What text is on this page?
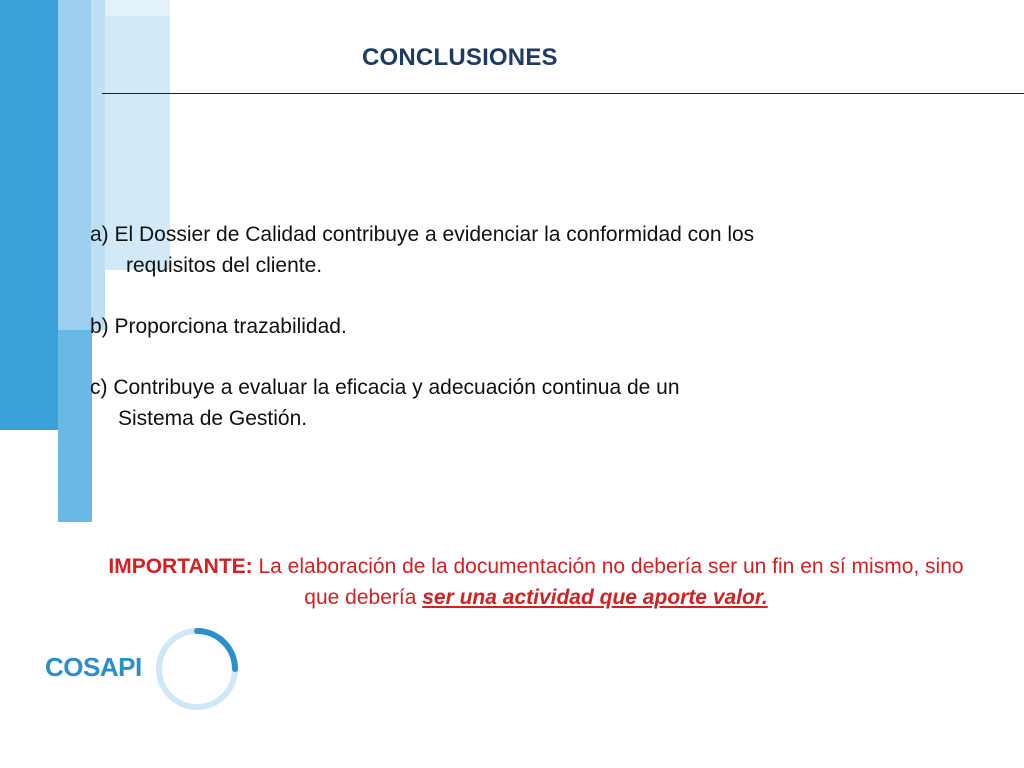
CONCLUSIONES

a) El Dossier de Calidad contribuye a evidenciar la conformidad con los
requisitos del cliente.

b) Proporciona trazabilidad.

c) Contribuye a evaluar la eficacia y adecuación continua de un
Sistema de Gestión.

IMPORTANTE: La elaboración de la documentación no debería ser un fin en sí mismo, sino que debería ser una actividad que aporte valor.
COSAPI
